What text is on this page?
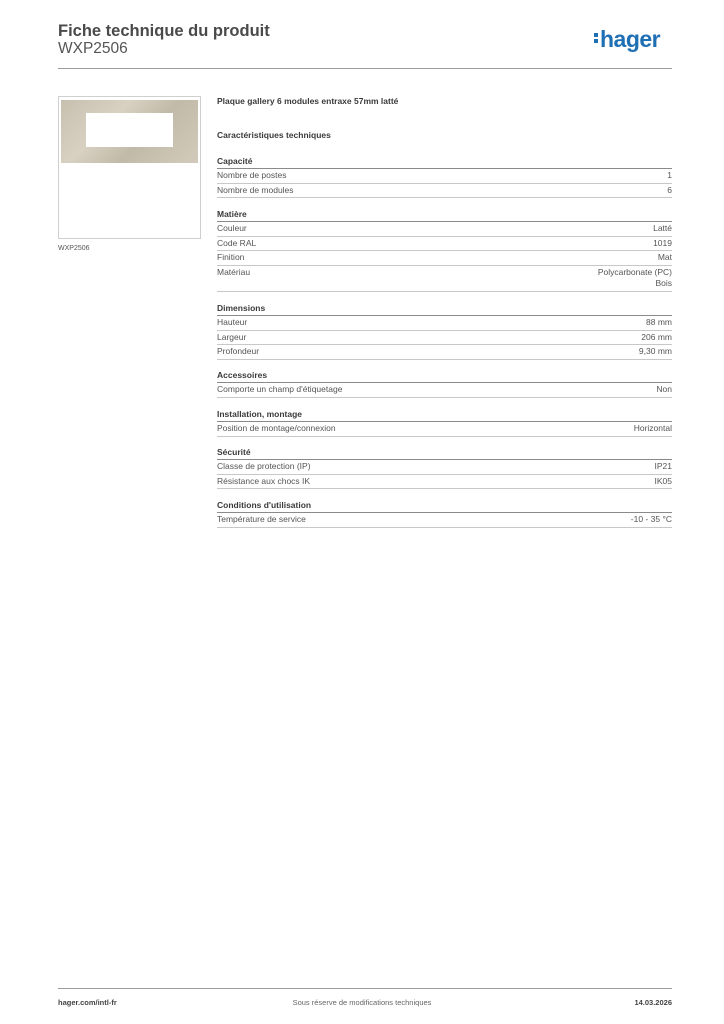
Fiche technique du produit
WXP2506	hager
WXP2506
Plaque gallery 6 modules entraxe 57mm latté
Caractéristiques techniques
Capacité
Nombre de postes	1
Nombre de modules	6
Matière
Couleur	Latté
Code RAL	1019
Finition	Mat
Matériau	Polycarbonate (PC)
Bois
Dimensions
Hauteur	88 mm
Largeur	206 mm
Profondeur	9,30 mm
Accessoires
Comporte un champ d'étiquetage	Non
Installation, montage
Position de montage/connexion	Horizontal
Sécurité
Classe de protection (IP)	IP21
Résistance aux chocs IK	IK05
Conditions d'utilisation
Température de service	-10 - 35 °C
Sous réserve de modifications techniques
hager.com/intl-fr	14.03.2026
